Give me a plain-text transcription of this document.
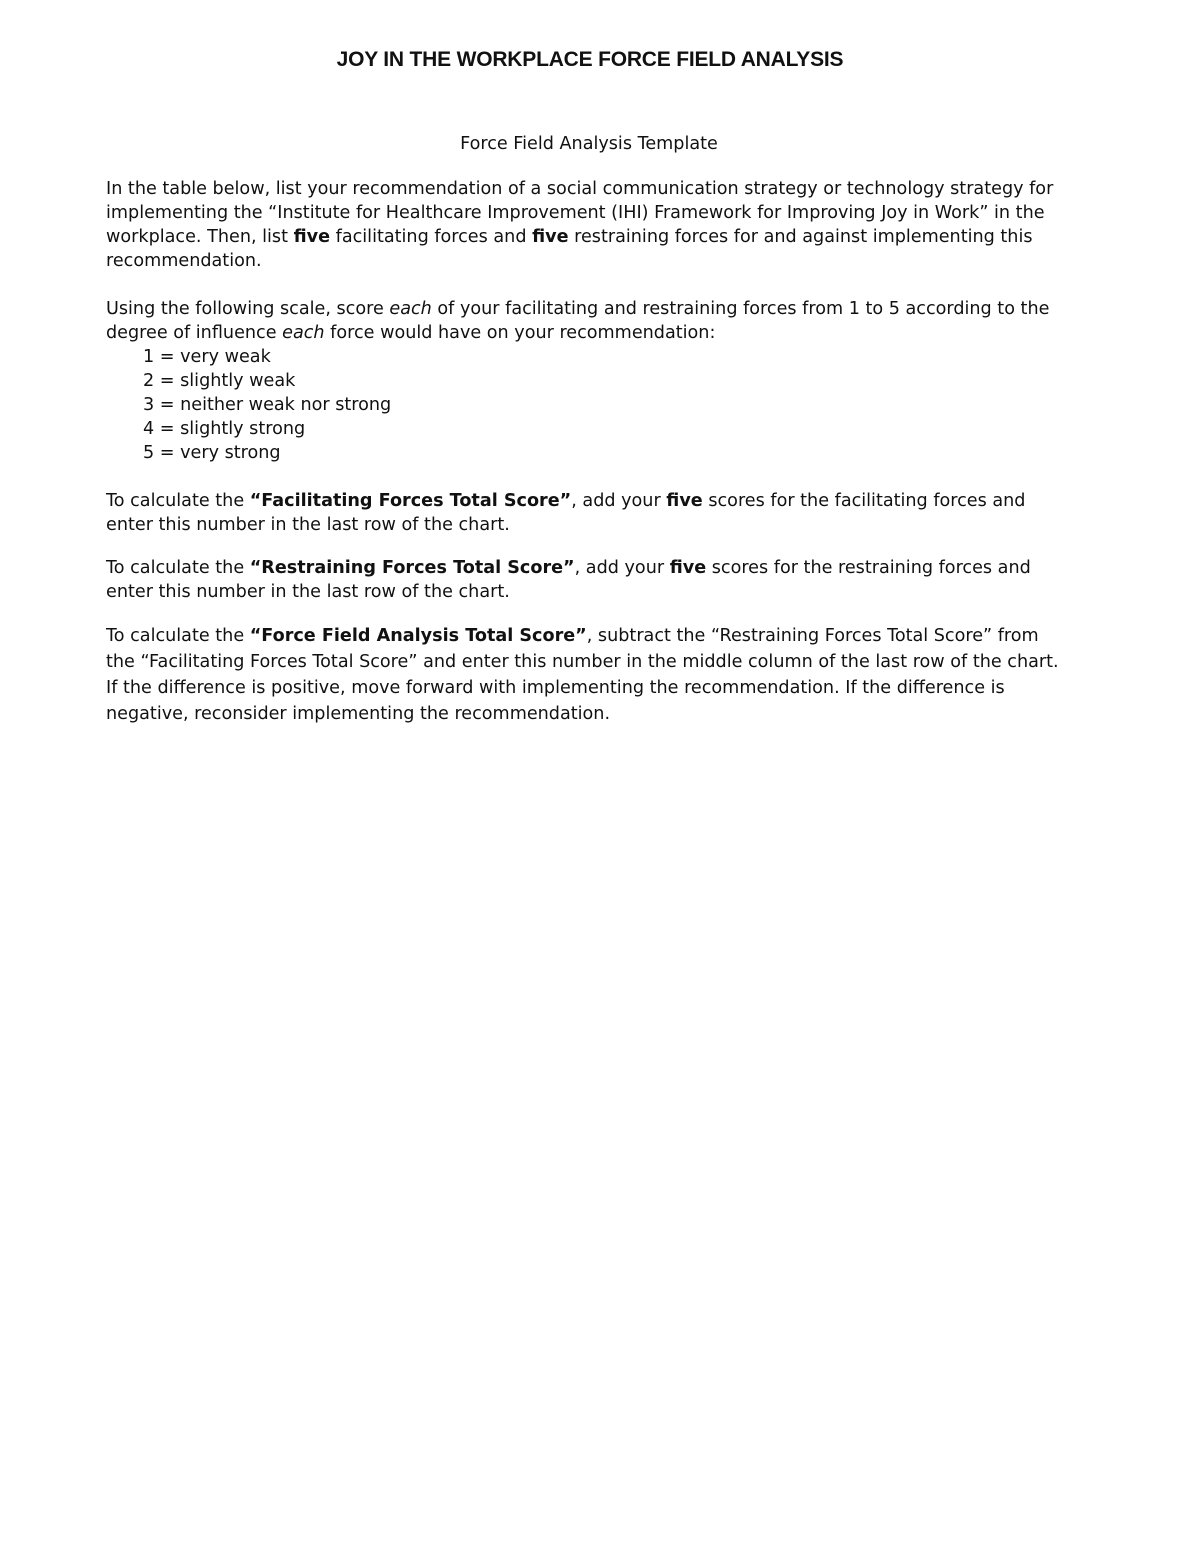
JOY IN THE WORKPLACE FORCE FIELD ANALYSIS

Force Field Analysis Template

In the table below, list your recommendation of a social communication strategy or technology strategy for implementing the “Institute for Healthcare Improvement (IHI) Framework for Improving Joy in Work” in the workplace. Then, list five facilitating forces and five restraining forces for and against implementing this recommendation.

Using the following scale, score each of your facilitating and restraining forces from 1 to 5 according to the degree of influence each force would have on your recommendation:

1 = very weak
2 = slightly weak
3 = neither weak nor strong
4 = slightly strong
5 = very strong

To calculate the “Facilitating Forces Total Score”, add your five scores for the facilitating forces and enter this number in the last row of the chart.

To calculate the “Restraining Forces Total Score”, add your five scores for the restraining forces and enter this number in the last row of the chart.

To calculate the “Force Field Analysis Total Score”, subtract the “Restraining Forces Total Score” from the “Facilitating Forces Total Score” and enter this number in the middle column of the last row of the chart. If the difference is positive, move forward with implementing the recommendation. If the difference is negative, reconsider implementing the recommendation.
